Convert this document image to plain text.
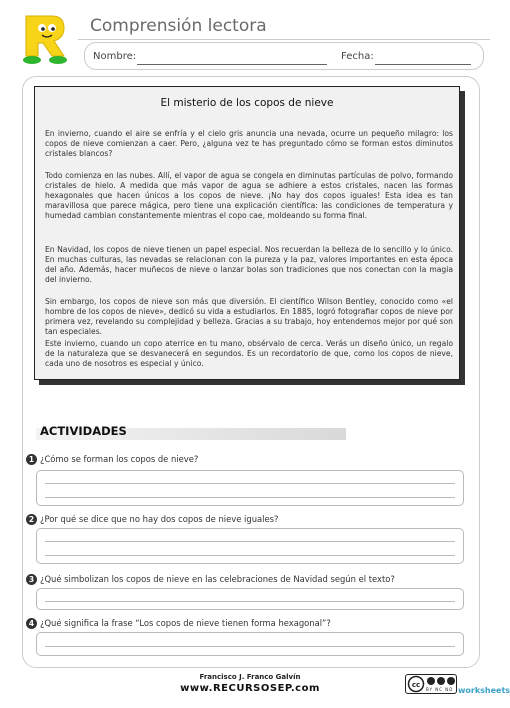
Comprensión lectora
Nombre:	Fecha:
El misterio de los copos de nieve

En invierno, cuando el aire se enfría y el cielo gris anuncia una nevada, ocurre un pequeño milagro: los copos de nieve comienzan a caer. Pero, ¿alguna vez te has preguntado cómo se forman estos diminutos cristales blancos?

Todo comienza en las nubes. Allí, el vapor de agua se congela en diminutas partículas de polvo, formando cristales de hielo. A medida que más vapor de agua se adhiere a estos cristales, nacen las formas hexagonales que hacen únicos a los copos de nieve. ¡No hay dos copos iguales! Esta idea es tan maravillosa que parece mágica, pero tiene una explicación científica: las condiciones de temperatura y humedad cambian constantemente mientras el copo cae, moldeando su forma final.

En Navidad, los copos de nieve tienen un papel especial. Nos recuerdan la belleza de lo sencillo y lo único. En muchas culturas, las nevadas se relacionan con la pureza y la paz, valores importantes en esta época del año. Además, hacer muñecos de nieve o lanzar bolas son tradiciones que nos conectan con la magia del invierno.

Sin embargo, los copos de nieve son más que diversión. El científico Wilson Bentley, conocido como «el hombre de los copos de nieve», dedicó su vida a estudiarlos. En 1885, logró fotografiar copos de nieve por primera vez, revelando su complejidad y belleza. Gracias a su trabajo, hoy entendemos mejor por qué son tan especiales.

Este invierno, cuando un copo aterrice en tu mano, obsérvalo de cerca. Verás un diseño único, un regalo de la naturaleza que se desvanecerá en segundos. Es un recordatorio de que, como los copos de nieve, cada uno de nosotros es especial y único.

ACTIVIDADES
1 ¿Cómo se forman los copos de nieve?
2 ¿Por qué se dice que no hay dos copos de nieve iguales?
3 ¿Qué simbolizan los copos de nieve en las celebraciones de Navidad según el texto?
4 ¿Qué significa la frase “Los copos de nieve tienen forma hexagonal”?
Francisco J. Franco Galvín
www.RECURSOSEP.com	cc
BY NC ND worksheets
